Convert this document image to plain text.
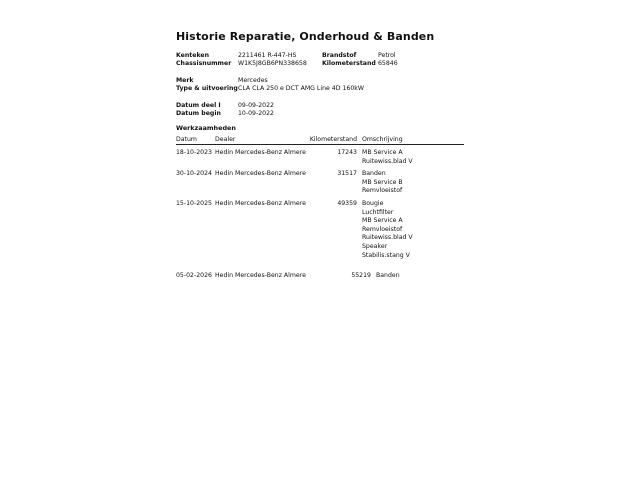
Historie Reparatie, Onderhoud & Banden
Kenteken	2211461 R-447-HS	Brandstof	Petrol
Chassisnummer W1K5J8GB6PN338658 Kilometerstand 65846
Merk	Mercedes
Type & uitvoering CLA CLA 250 e DCT AMG Line 4D 160kW
Datum deel I	09-09-2022
Datum begin	10-09-2022
Werkzaamheden
Datum	Dealer	Kilometerstand Omschrijving
18-10-2023 Hedin Mercedes-Benz Almere	17243 MB Service A
Ruitewiss.blad V
30-10-2024 Hedin Mercedes-Benz Almere	31517 Banden
MB Service B
Remvloeistof
15-10-2025 Hedin Mercedes-Benz Almere	49359 Bougie
Luchtfilter
MB Service A
Remvloeistof
Ruitewiss.blad V
Speaker
Stabilis.stang V
05-02-2026 Hedin Mercedes-Benz Almere	55219 Banden
